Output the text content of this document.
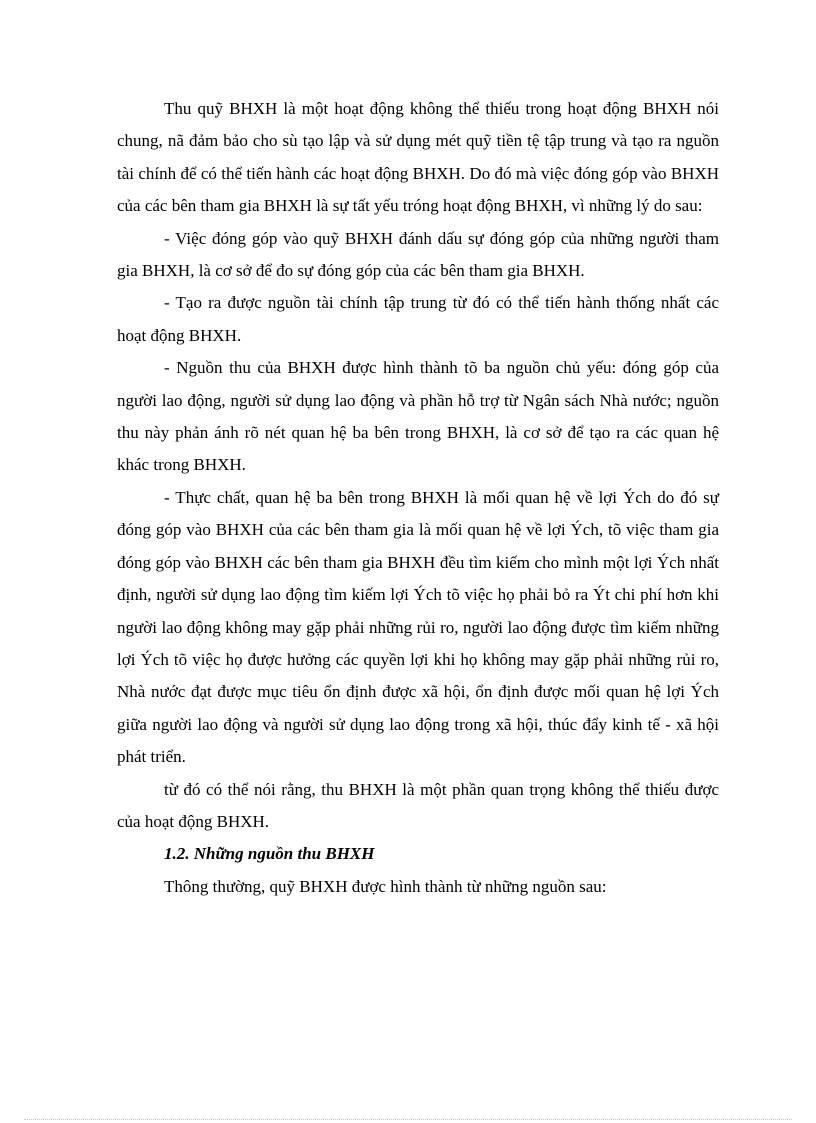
Thu quỹ BHXH là một hoạt động không thể thiếu trong hoạt động BHXH nói chung, nã đảm bảo cho sù tạo lập và sử dụng mét quỹ tiền tệ tập trung và tạo ra nguồn tài chính để có thể tiến hành các hoạt động BHXH. Do đó mà việc đóng góp vào BHXH của các bên tham gia BHXH là sự tất yếu tróng hoạt động BHXH, vì những lý do sau:

- Việc đóng góp vào quỹ BHXH đánh dấu sự đóng góp của những người tham gia BHXH, là cơ sở để đo sự đóng góp của các bên tham gia BHXH.

- Tạo ra được nguồn tài chính tập trung từ đó có thể tiến hành thống nhất các hoạt động BHXH.

- Nguồn thu của BHXH được hình thành tõ ba nguồn chủ yếu: đóng góp của người lao động, người sử dụng lao động và phần hỗ trợ từ Ngân sách Nhà nước; nguồn thu này phản ánh rõ nét quan hệ ba bên trong BHXH, là cơ sở để tạo ra các quan hệ khác trong BHXH.

- Thực chất, quan hệ ba bên trong BHXH là mối quan hệ về lợi Ých do đó sự đóng góp vào BHXH của các bên tham gia là mối quan hệ về lợi Ých, tõ việc tham gia đóng góp vào BHXH các bên tham gia BHXH đều tìm kiếm cho mình một lợi Ých nhất định, người sử dụng lao động tìm kiếm lợi Ých tõ việc họ phải bỏ ra Ýt chi phí hơn khi người lao động không may gặp phải những rủi ro, người lao động được tìm kiếm những lợi Ých tõ việc họ được hưởng các quyền lợi khi họ không may gặp phải những rủi ro, Nhà nước đạt được mục tiêu ổn định được xã hội, ổn định được mối quan hệ lợi Ých giữa người lao động và người sử dụng lao động trong xã hội, thúc đẩy kinh tế - xã hội phát triển.

từ đó có thể nói rằng, thu BHXH là một phần quan trọng không thể thiếu được của hoạt động BHXH.

1.2. Những nguồn thu BHXH

Thông thường, quỹ BHXH được hình thành từ những nguồn sau:
